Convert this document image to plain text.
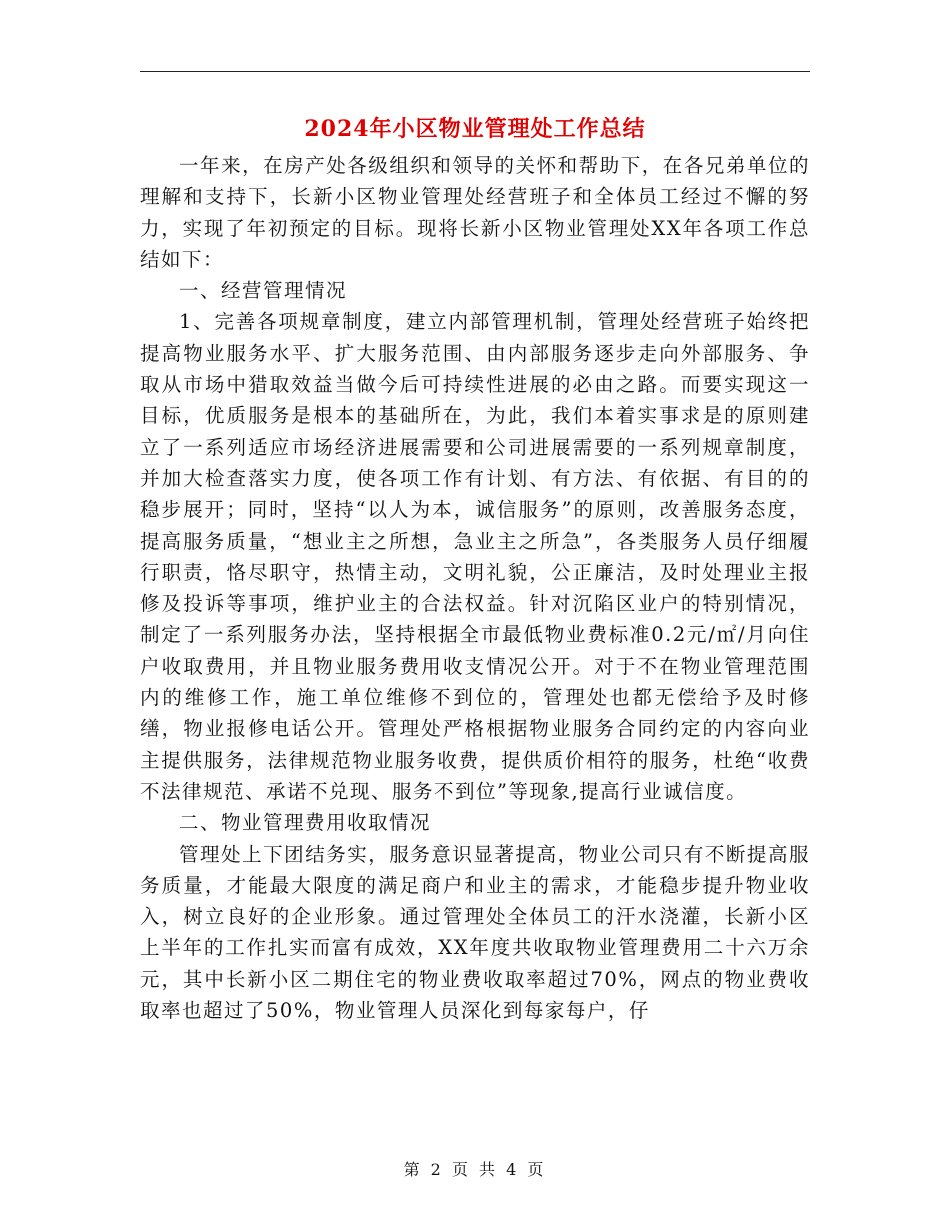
2024年小区物业管理处工作总结

一年来，在房产处各级组织和领导的关怀和帮助下，在各兄弟单位的理解和支持下，长新小区物业管理处经营班子和全体员工经过不懈的努力，实现了年初预定的目标。现将长新小区物业管理处XX年各项工作总结如下：

一、经营管理情况

1、完善各项规章制度，建立内部管理机制，管理处经营班子始终把提高物业服务水平、扩大服务范围、由内部服务逐步走向外部服务、争取从市场中猎取效益当做今后可持续性进展的必由之路。而要实现这一目标，优质服务是根本的基础所在，为此，我们本着实事求是的原则建立了一系列适应市场经济进展需要和公司进展需要的一系列规章制度，并加大检查落实力度，使各项工作有计划、有方法、有依据、有目的的稳步展开；同时，坚持“以人为本，诚信服务”的原则，改善服务态度，提高服务质量，“想业主之所想，急业主之所急”，各类服务人员仔细履行职责，恪尽职守，热情主动，文明礼貌，公正廉洁，及时处理业主报修及投诉等事项，维护业主的合法权益。针对沉陷区业户的特别情况，制定了一系列服务办法，坚持根据全市最低物业费标准0.2元/㎡/月向住户收取费用，并且物业服务费用收支情况公开。对于不在物业管理范围内的维修工作，施工单位维修不到位的，管理处也都无偿给予及时修缮，物业报修电话公开。管理处严格根据物业服务合同约定的内容向业主提供服务，法律规范物业服务收费，提供质价相符的服务，杜绝“收费不法律规范、承诺不兑现、服务不到位”等现象,提高行业诚信度。

二、物业管理费用收取情况

管理处上下团结务实，服务意识显著提高，物业公司只有不断提高服务质量，才能最大限度的满足商户和业主的需求，才能稳步提升物业收入，树立良好的企业形象。通过管理处全体员工的汗水浇灌，长新小区上半年的工作扎实而富有成效，XX年度共收取物业管理费用二十六万余元，其中长新小区二期住宅的物业费收取率超过70%，网点的物业费收取率也超过了50%，物业管理人员深化到每家每户，仔

第 2 页 共 4 页
